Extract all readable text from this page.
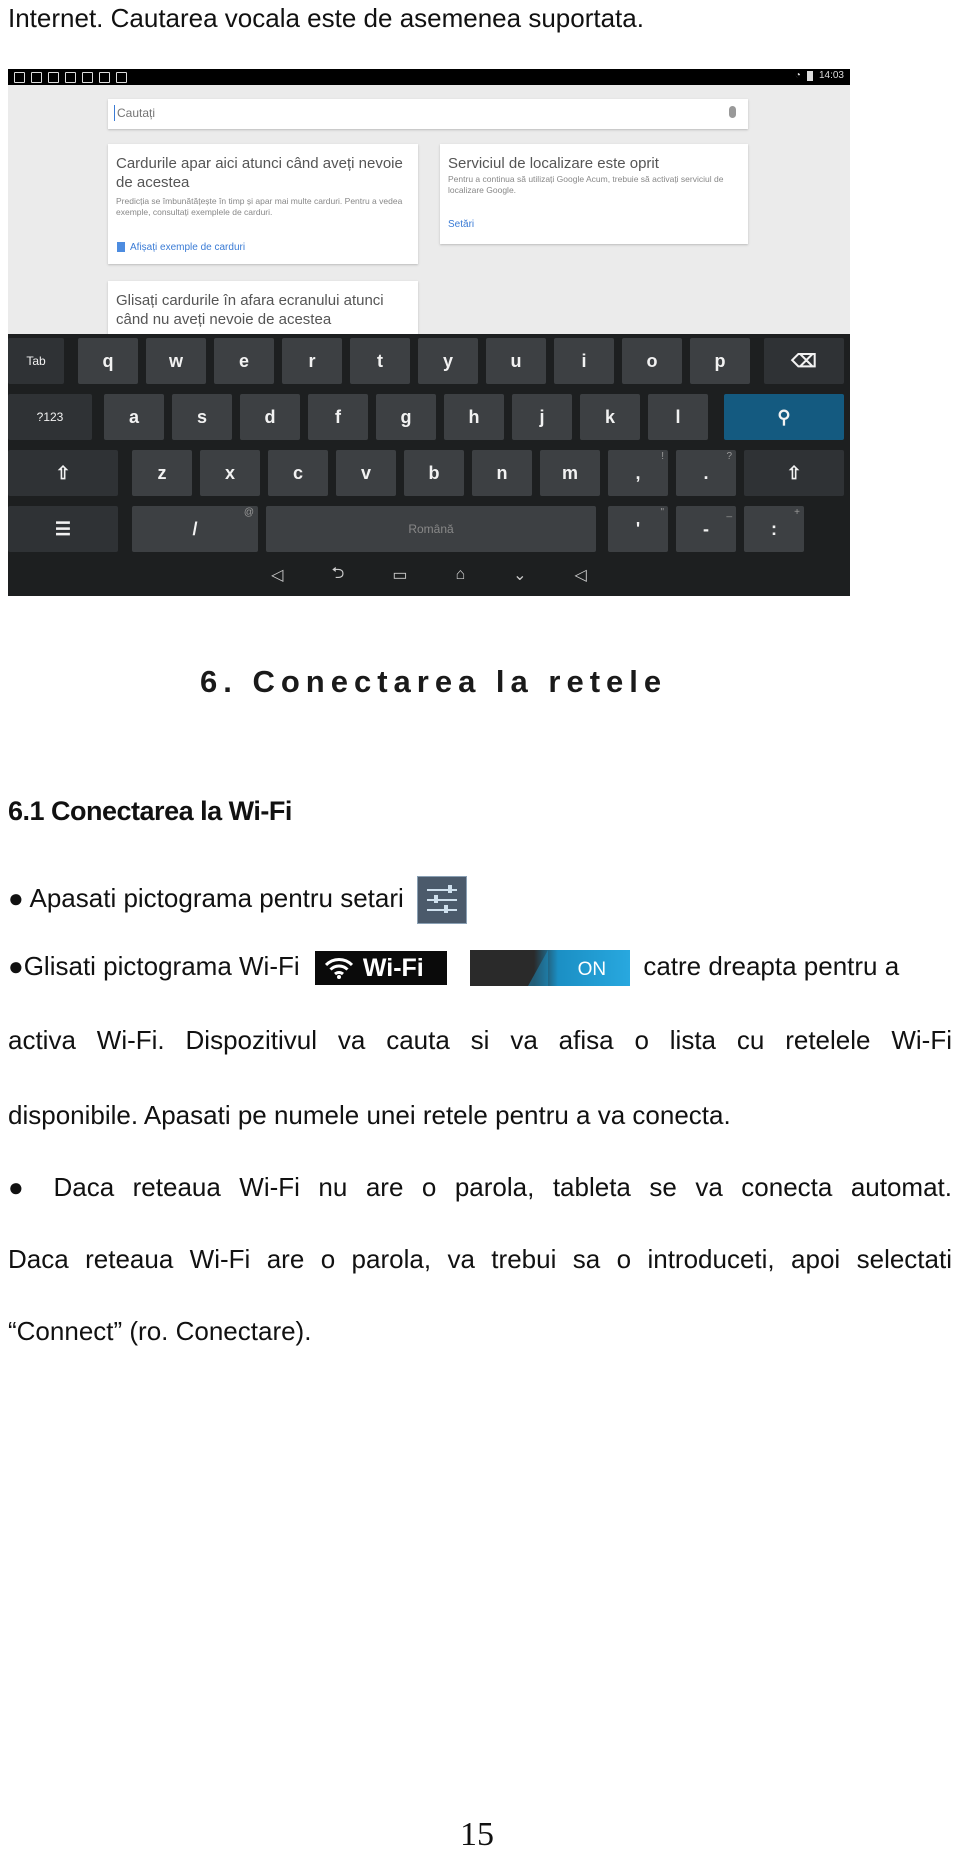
Internet. Cautarea vocala este de asemenea suportata.

◔ 14:03
Cautați
Cardurile apar aici atunci când aveți nevoie de acestea
Predicția se îmbunătățește în timp și apar mai multe carduri. Pentru a vedea exemple, consultați exemplele de carduri.
Afișați exemple de carduri
Serviciul de localizare este oprit
Pentru a continua să utilizați Google Acum, trebuie să activați serviciul de localizare Google.
Setări
Glisați cardurile în afara ecranului atunci când nu aveți nevoie de acestea
Tab	q	w	e	r	t	y	u	i	o	p	⌫
?123	a	s	d	f	g	h	j	k	l	⚲
⇧	z	x	c	v	b	n	m	,
!
.
?
⇧
☰	/
@
Română	'
"
-
_
:
+
◁	⮌	▭	⌂	⌄	◁
6. Conectarea la retele
6.1 Conectarea la Wi-Fi

● Apasati pictograma pentru setari

●Glisati pictograma Wi-Fi	Wi-Fi
	ON catre dreapta pentru a

activa Wi-Fi. Dispozitivul va cauta si va afisa o lista cu retelele Wi-Fi

disponibile. Apasati pe numele unei retele pentru a va conecta.

● Daca reteaua Wi-Fi nu are o parola, tableta se va conecta automat.

Daca reteaua Wi-Fi are o parola, va trebui sa o introduceti, apoi selectati

“Connect” (ro. Conectare).

15
